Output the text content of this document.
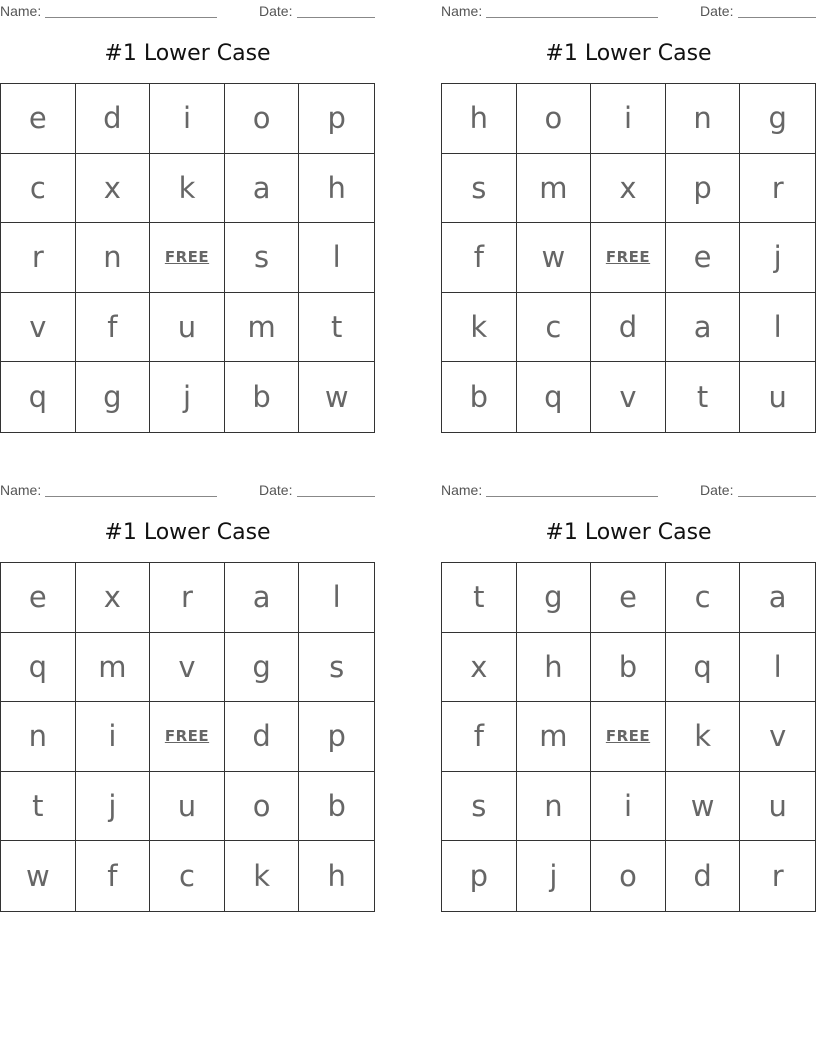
Name:	Date:
#1 Lower Case
e	d	i	o	p
c	x	k	a	h
r	n	FREE	s	l
v	f	u	m	t
q	g	j	b	w
Name:	Date:
#1 Lower Case
h	o	i	n	g
s	m	x	p	r
f	w	FREE	e	j
k	c	d	a	l
b	q	v	t	u
Name:	Date:
#1 Lower Case
e	x	r	a	l
q	m	v	g	s
n	i	FREE	d	p
t	j	u	o	b
w	f	c	k	h
Name:	Date:
#1 Lower Case
t	g	e	c	a
x	h	b	q	l
f	m	FREE	k	v
s	n	i	w	u
p	j	o	d	r
